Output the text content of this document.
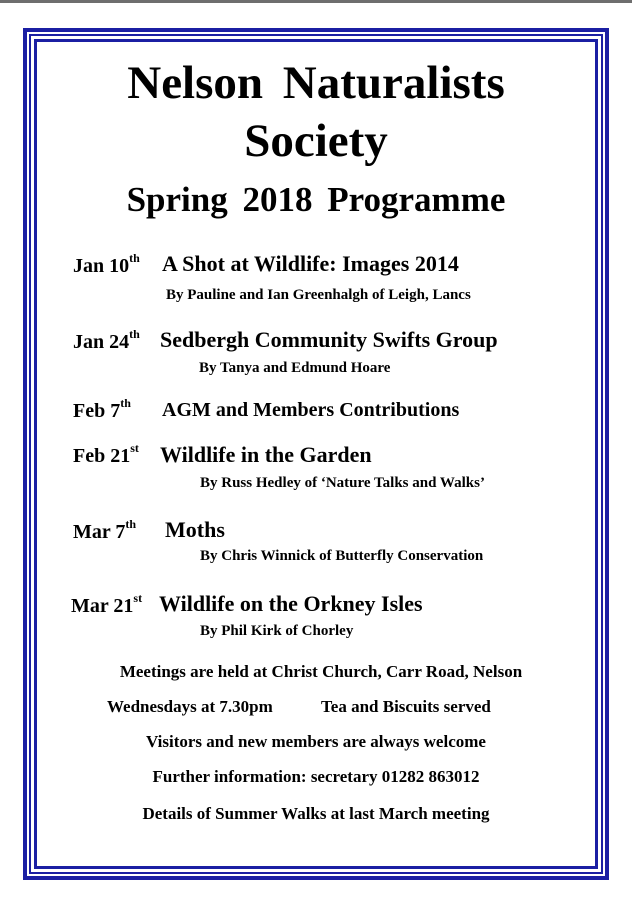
Nelson Naturalists
Society
Spring 2018 Programme
Jan 10th A Shot at Wildlife: Images 2014
By Pauline and Ian Greenhalgh of Leigh, Lancs
Jan 24th Sedbergh Community Swifts Group
By Tanya and Edmund Hoare
Feb 7th AGM and Members Contributions
Feb 21st Wildlife in the Garden
By Russ Hedley of ‘Nature Talks and Walks’
Mar 7th Moths
By Chris Winnick of Butterfly Conservation
Mar 21st Wildlife on the Orkney Isles
By Phil Kirk of Chorley
Meetings are held at Christ Church, Carr Road, Nelson
Wednesdays at 7.30pm	Tea and Biscuits served
Visitors and new members are always welcome
Further information: secretary 01282 863012
Details of Summer Walks at last March meeting
